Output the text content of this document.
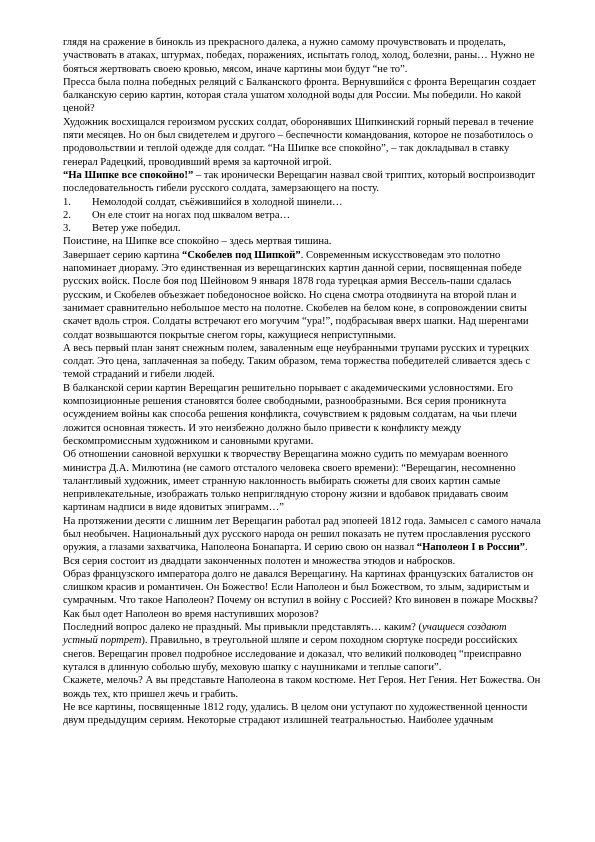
глядя на сражение в бинокль из прекрасного далека, а нужно самому прочувствовать и проделать, участвовать в атаках, штурмах, победах, поражениях, испытать голод, холод, болезни, раны… Нужно не бояться жертвовать своею кровью, мясом, иначе картины мои будут “не то”.

Пресса была полна победных реляций с Балканского фронта. Вернувшийся с фронта Верещагин создает балканскую серию картин, которая стала ушатом холодной воды для России. Мы победили. Но какой ценой?

Художник восхищался героизмом русских солдат, оборонявших Шипкинский горный перевал в течение пяти месяцев. Но он был свидетелем и другого – беспечности командования, которое не позаботилось о продовольствии и теплой одежде для солдат. “На Шипке все спокойно”, – так докладывал в ставку генерал Радецкий, проводивший время за карточной игрой.

“На Шипке все спокойно!” – так иронически Верещагин назвал свой триптих, который воспроизводит последовательность гибели русского солдата, замерзающего на посту.

1.	Немолодой солдат, съёжившийся в холодной шинели…
2.	Он еле стоит на ногах под шквалом ветра…
3.	Ветер уже победил.

Поистине, на Шипке все спокойно – здесь мертвая тишина.

Завершает серию картина “Скобелев под Шипкой”. Современным искусствоведам это полотно напоминает диораму. Это единственная из верещагинских картин данной серии, посвященная победе русских войск. После боя под Шейновом 9 января 1878 года турецкая армия Вессель-паши сдалась русским, и Скобелев объезжает победоносное войско. Но сцена смотра отодвинута на второй план и занимает сравнительно небольшое место на полотне. Скобелев на белом коне, в сопровождении свиты скачет вдоль строя. Солдаты встречают его могучим “ура!”, подбрасывая вверх шапки. Над шеренгами солдат возвышаются покрытые снегом горы, кажущиеся неприступными.

А весь первый план занят снежным полем, заваленным еще неубранными трупами русских и турецких солдат. Это цена, заплаченная за победу. Таким образом, тема торжества победителей сливается здесь с темой страданий и гибели людей.

В балканской серии картин Верещагин решительно порывает с академическими условностями. Его композиционные решения становятся более свободными, разнообразными. Вся серия проникнута осуждением войны как способа решения конфликта, сочувствием к рядовым солдатам, на чьи плечи ложится основная тяжесть. И это неизбежно должно было привести к конфликту между бескомпромиссным художником и сановными кругами.

Об отношении сановной верхушки к творчеству Верещагина можно судить по мемуарам военного министра Д.А. Милютина (не самого отсталого человека своего времени): “Верещагин, несомненно талантливый художник, имеет странную наклонность выбирать сюжеты для своих картин самые непривлекательные, изображать только неприглядную сторону жизни и вдобавок придавать своим картинам надписи в виде ядовитых эпиграмм…”

На протяжении десяти с лишним лет Верещагин работал рад эпопеей 1812 года. Замысел с самого начала был необычен. Национальный дух русского народа он решил показать не путем прославления русского оружия, а глазами захватчика, Наполеона Бонапарта. И серию свою он назвал “Наполеон I в России”. Вся серия состоит из двадцати законченных полотен и множества этюдов и набросков.

Образ французского императора долго не давался Верещагину. На картинах французских баталистов он слишком красив и романтичен. Он Божество! Если Наполеон и был Божеством, то злым, задиристым и сумрачным. Что такое Наполеон? Почему он вступил в войну с Россией? Кто виновен в пожаре Москвы? Как был одет Наполеон во время наступивших морозов?

Последний вопрос далеко не праздный. Мы привыкли представлять… каким? (учащиеся создают устный портрет). Правильно, в треугольной шляпе и сером походном сюртуке посреди российских снегов. Верещагин провел подробное исследование и доказал, что великий полководец “преисправно кутался в длинную соболью шубу, меховую шапку с наушниками и теплые сапоги”.

Скажете, мелочь? А вы представьте Наполеона в таком костюме. Нет Героя. Нет Гения. Нет Божества. Он вождь тех, кто пришел жечь и грабить.

Не все картины, посвященные 1812 году, удались. В целом они уступают по художественной ценности двум предыдущим сериям. Некоторые страдают излишней театральностью. Наиболее удачным
